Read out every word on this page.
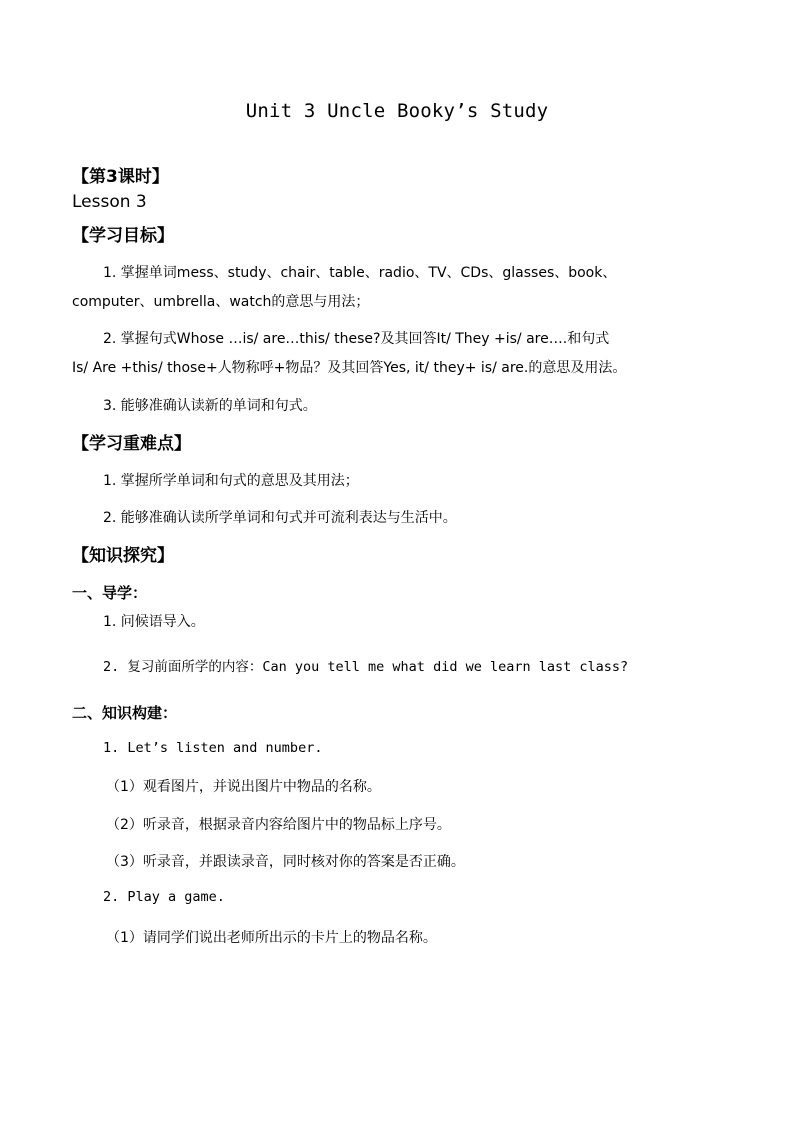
Unit 3 Uncle Booky’s Study
【第3课时】
Lesson 3
【学习目标】
1. 掌握单词mess、study、chair、table、radio、TV、CDs、glasses、book、
computer、umbrella、watch的意思与用法；
2. 掌握句式Whose …is/ are…this/ these?及其回答It/ They +is/ are….和句式
Is/ Are +this/ those+人物称呼+物品？及其回答Yes, it/ they+ is/ are.的意思及用法。
3. 能够准确认读新的单词和句式。
【学习重难点】
1. 掌握所学单词和句式的意思及其用法；
2. 能够准确认读所学单词和句式并可流利表达与生活中。
【知识探究】
一、导学：
1. 问候语导入。
2. 复习前面所学的内容：Can you tell me what did we learn last class?
二、知识构建：
1. Let’s listen and number.
（1）观看图片，并说出图片中物品的名称。
（2）听录音，根据录音内容给图片中的物品标上序号。
（3）听录音，并跟读录音，同时核对你的答案是否正确。
2. Play a game.
（1）请同学们说出老师所出示的卡片上的物品名称。
